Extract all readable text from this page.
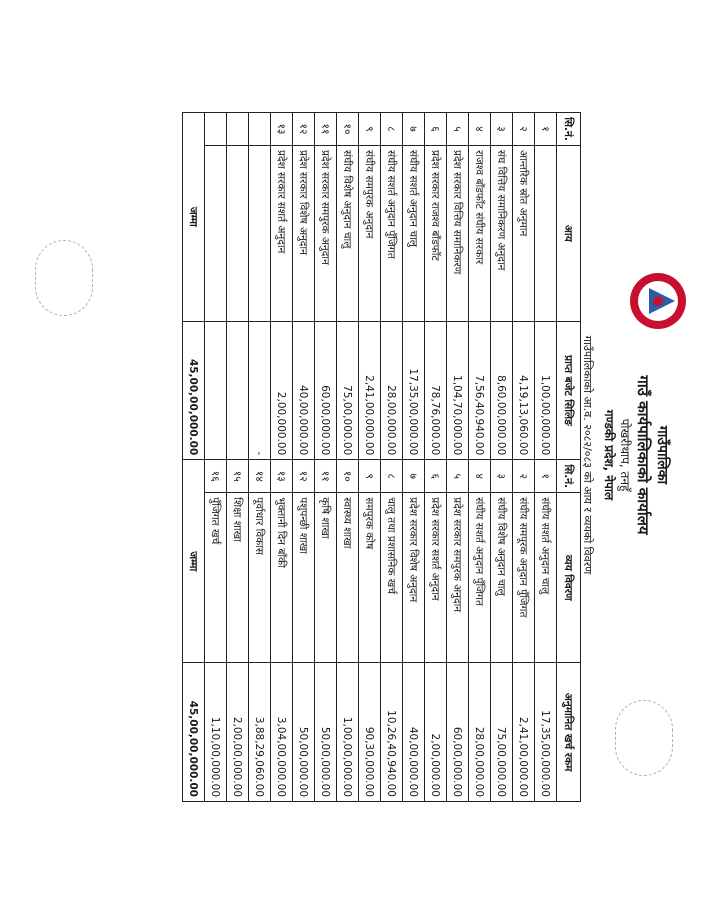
गाउँपालिका
गाउँ कार्यपालिकाको कार्यालय
पोखरीथाप, तनहुँ
गण्डकी प्रदेश, नेपाल
गाउँपालिकाको आ.व. २०८२/०८३ को आय र व्ययको विवरण
सि.नं.	आय	प्राप्त बजेट सिलिङ	सि.नं.	व्यय विवरण	अनुमानित खर्च रकम
१		1,00,00,000.00	१	संघीय सशर्त अनुदान चालु	17,35,00,000.00
२	आन्तरिक स्रोत अनुमान	4,19,13,060.00	२	संघीय समपूरक अनुदान पुँजिगत	2,41,00,000.00
३	संघ वित्तिय समानिकरण अनुदान	8,60,00,000.00	३	संघीय विशेष अनुदान चालु	75,00,000.00
४	राजश्व बाँडफाँट संघीय सरकार	7,56,40,940.00	४	संघीय सशर्त अनुदान पुँजिगत	28,00,000.00
५	प्रदेश सरकार वित्तिय समानिकरण	1,04,70,000.00	५	प्रदेश सरकार समपुरक अनुदान	60,00,000.00
६	प्रदेश सरकार राजश्व बाँडफाँट	78,76,000.00	६	प्रदेश सरकार सशर्त अनुदान	2,00,000.00
७	संघीय सशर्त अनुदान चालु	17,35,00,000.00	७	प्रदेश सरकार विशेष अनुदान	40,00,000.00
८	संघीय सशर्त अनुदान पुँजिगत	28,00,000.00	८	चालु तथा प्रशासनिक खर्च	10,26,40,940.00
९	संघीय समपुरक अनुदान	2,41,00,000.00	९	समपुरक कोष	90,30,000.00
१०	संघीय विशेष अनुदान चालु	75,00,000.00	१०	स्वास्थ्य शाखा	1,00,00,000.00
११	प्रदेश सरकार समपुरक अनुदान	60,00,000.00	११	कृषि शाखा	50,00,000.00
१२	प्रदेश सरकार विशेष अनुदान	40,00,000.00	१२	पशुपन्छी शाखा	50,00,000.00
१३	प्रदेश सरकार सशर्त अनुदान	2,00,000.00	१३	भुक्तानी दिन बाँकी	3,04,00,000.00
		-	१४	पूर्वाधार विकास	3,88,29,060.00
			१५	शिक्षा शाखा	2,00,00,000.00
			१६	पुँजिगत खर्च	1,10,00,000.00
जम्मा		45,00,00,000.00	जम्मा		45,00,00,000.00
